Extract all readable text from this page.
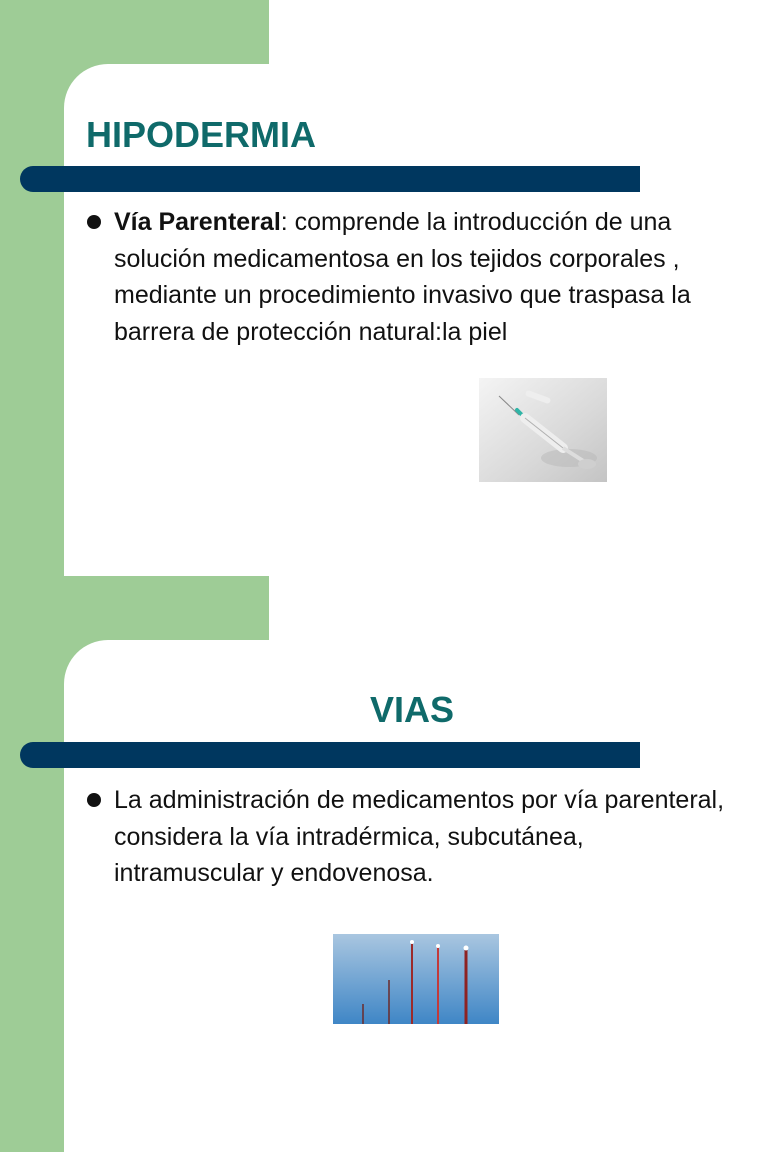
HIPODERMIA

Vía Parenteral: comprende la introducción de una solución medicamentosa en los tejidos corporales , mediante un procedimiento invasivo que traspasa la barrera de protección natural:la piel

VIAS

La administración de medicamentos por vía parenteral, considera la vía intradérmica, subcutánea, intramuscular y endovenosa.
